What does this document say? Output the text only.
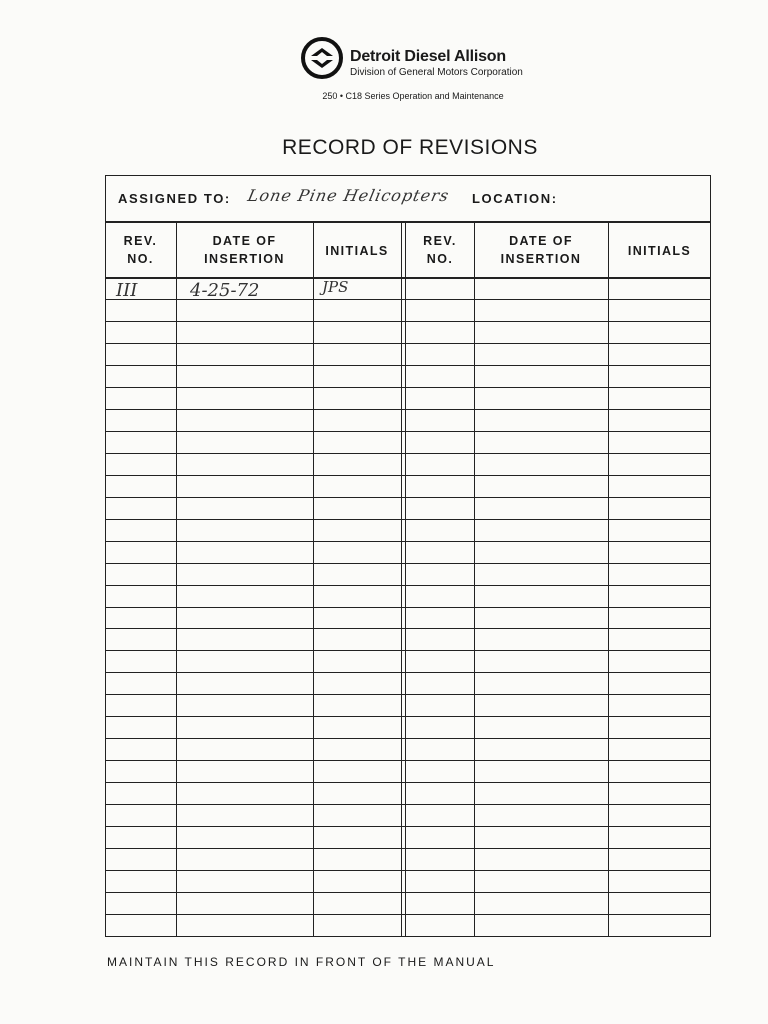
Detroit Diesel Allison
Division of General Motors Corporation
250 • C18 Series Operation and Maintenance
RECORD OF REVISIONS
ASSIGNED TO: Lone Pine Helicopters LOCATION:
REV.
NO.
DATE OF
INSERTION
INITIALS
REV.
NO.
DATE OF
INSERTION
INITIALS
III	4-25-72	JPS
MAINTAIN THIS RECORD IN FRONT OF THE MANUAL
